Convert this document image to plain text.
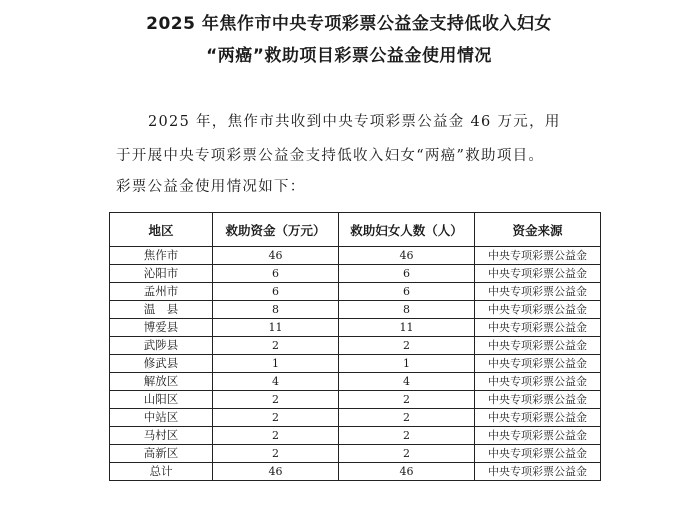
2025 年焦作市中央专项彩票公益金支持低收入妇女
“两癌”救助项目彩票公益金使用情况
2025 年，焦作市共收到中央专项彩票公益金 46 万元，用
于开展中央专项彩票公益金支持低收入妇女“两癌”救助项目。
彩票公益金使用情况如下：
地区	救助资金（万元）	救助妇女人数（人）	资金来源
焦作市	46	46	中央专项彩票公益金
沁阳市	6	6	中央专项彩票公益金
孟州市	6	6	中央专项彩票公益金
温　县	8	8	中央专项彩票公益金
博爱县	11	11	中央专项彩票公益金
武陟县	2	2	中央专项彩票公益金
修武县	1	1	中央专项彩票公益金
解放区	4	4	中央专项彩票公益金
山阳区	2	2	中央专项彩票公益金
中站区	2	2	中央专项彩票公益金
马村区	2	2	中央专项彩票公益金
高新区	2	2	中央专项彩票公益金
总计	46	46	中央专项彩票公益金
